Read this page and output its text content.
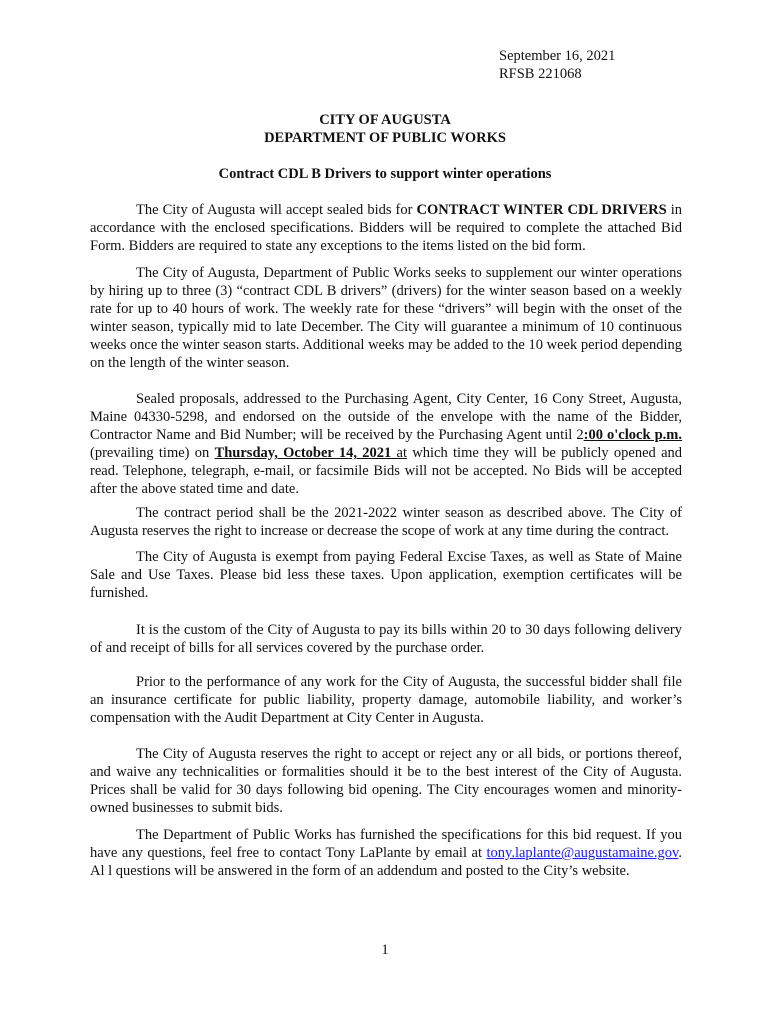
September 16, 2021
RFSB 221068
CITY OF AUGUSTA
DEPARTMENT OF PUBLIC WORKS
Contract CDL B Drivers to support winter operations

The City of Augusta will accept sealed bids for CONTRACT WINTER CDL DRIVERS in accordance with the enclosed specifications. Bidders will be required to complete the attached Bid Form. Bidders are required to state any exceptions to the items listed on the bid form.

The City of Augusta, Department of Public Works seeks to supplement our winter operations by hiring up to three (3) “contract CDL B drivers” (drivers) for the winter season based on a weekly rate for up to 40 hours of work. The weekly rate for these “drivers” will begin with the onset of the winter season, typically mid to late December. The City will guarantee a minimum of 10 continuous weeks once the winter season starts. Additional weeks may be added to the 10 week period depending on the length of the winter season.

Sealed proposals, addressed to the Purchasing Agent, City Center, 16 Cony Street, Augusta, Maine 04330-5298, and endorsed on the outside of the envelope with the name of the Bidder, Contractor Name and Bid Number; will be received by the Purchasing Agent until 2:00 o'clock p.m. (prevailing time) on Thursday, October 14, 2021 at which time they will be publicly opened and read. Telephone, telegraph, e-mail, or facsimile Bids will not be accepted. No Bids will be accepted after the above stated time and date.

The contract period shall be the 2021-2022 winter season as described above. The City of Augusta reserves the right to increase or decrease the scope of work at any time during the contract.

The City of Augusta is exempt from paying Federal Excise Taxes, as well as State of Maine Sale and Use Taxes. Please bid less these taxes. Upon application, exemption certificates will be furnished.

It is the custom of the City of Augusta to pay its bills within 20 to 30 days following delivery of and receipt of bills for all services covered by the purchase order.

Prior to the performance of any work for the City of Augusta, the successful bidder shall file an insurance certificate for public liability, property damage, automobile liability, and worker’s compensation with the Audit Department at City Center in Augusta.

The City of Augusta reserves the right to accept or reject any or all bids, or portions thereof, and waive any technicalities or formalities should it be to the best interest of the City of Augusta. Prices shall be valid for 30 days following bid opening. The City encourages women and minority-owned businesses to submit bids.

The Department of Public Works has furnished the specifications for this bid request. If you have any questions, feel free to contact Tony LaPlante by email at tony.laplante@augustamaine.gov. Al l questions will be answered in the form of an addendum and posted to the City’s website.

1
